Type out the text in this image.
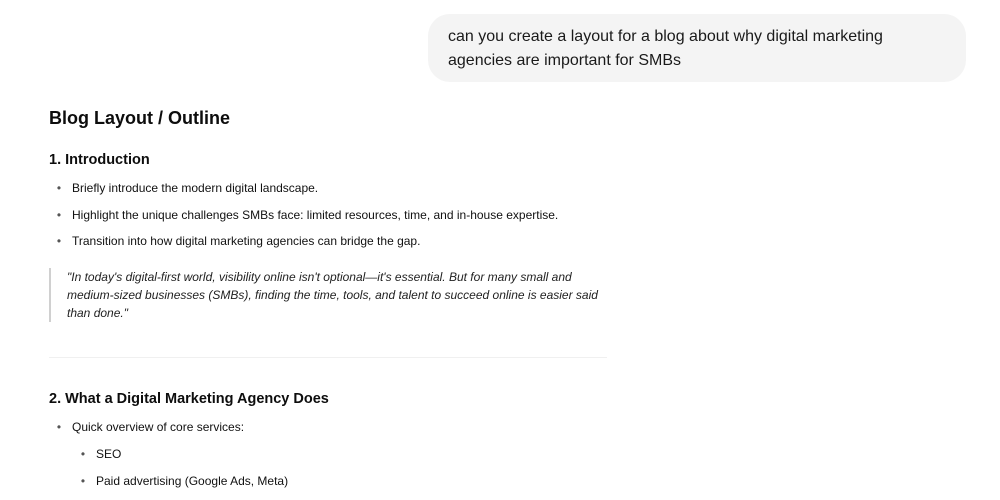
can you create a layout for a blog about why digital marketing agencies are important for SMBs
Blog Layout / Outline
1. Introduction
• Briefly introduce the modern digital landscape.
• Highlight the unique challenges SMBs face: limited resources, time, and in-house expertise.
• Transition into how digital marketing agencies can bridge the gap.
"In today's digital-first world, visibility online isn't optional—it's essential. But for many small and medium-sized businesses (SMBs), finding the time, tools, and talent to succeed online is easier said than done."
2. What a Digital Marketing Agency Does
• Quick overview of core services:
• SEO
• Paid advertising (Google Ads, Meta)
